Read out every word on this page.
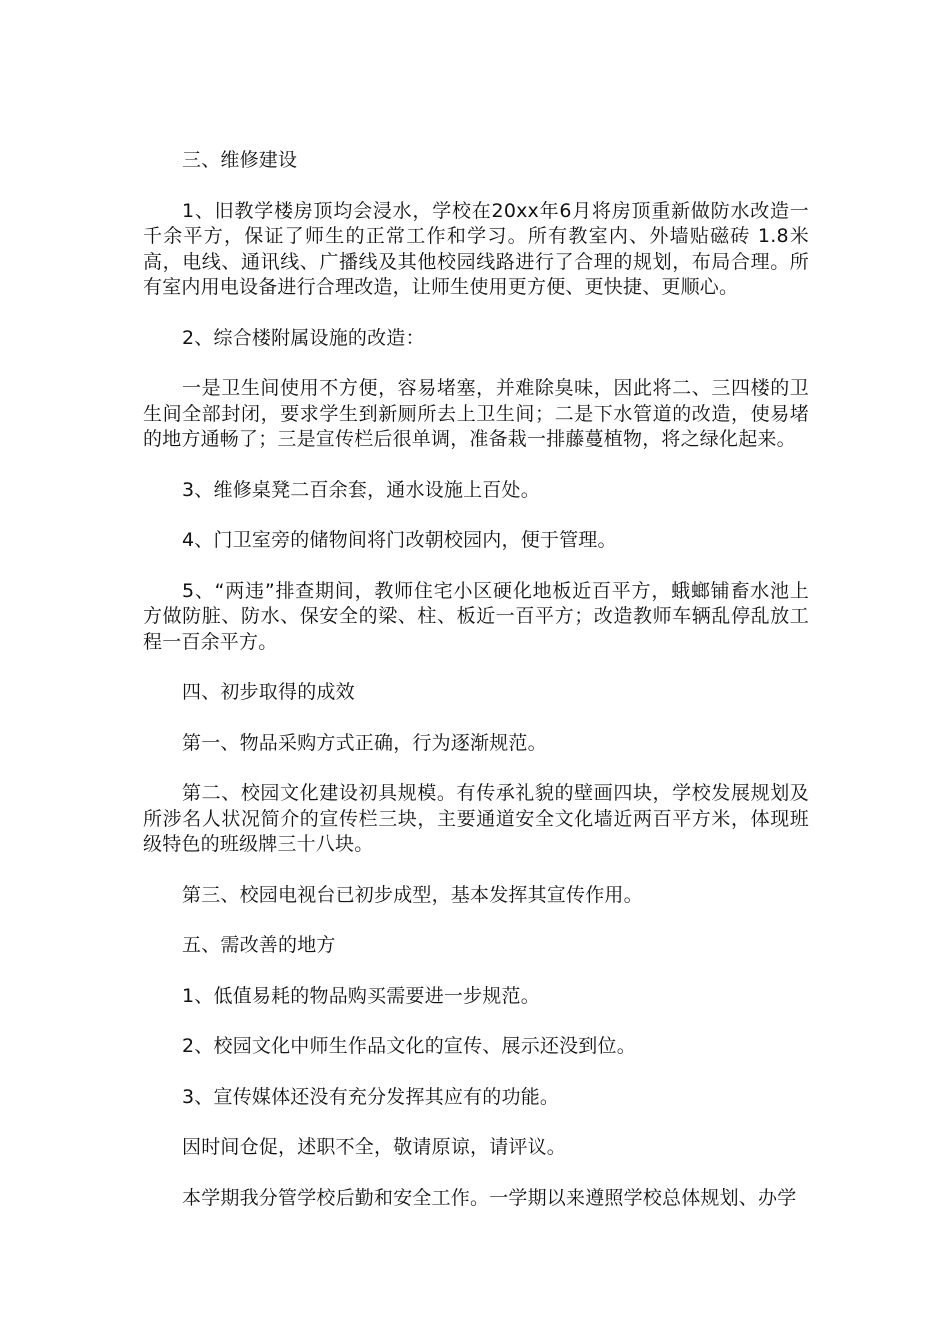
三、维修建设

1、旧教学楼房顶均会浸水，学校在20xx年6月将房顶重新做防水改造一千余平方，保证了师生的正常工作和学习。所有教室内、外墙贴磁砖 1.8米高，电线、通讯线、广播线及其他校园线路进行了合理的规划，布局合理。所有室内用电设备进行合理改造，让师生使用更方便、更快捷、更顺心。

2、综合楼附属设施的改造：

一是卫生间使用不方便，容易堵塞，并难除臭味，因此将二、三四楼的卫生间全部封闭，要求学生到新厕所去上卫生间；二是下水管道的改造，使易堵的地方通畅了；三是宣传栏后很单调，准备栽一排藤蔓植物，将之绿化起来。

3、维修桌凳二百余套，通水设施上百处。

4、门卫室旁的储物间将门改朝校园内，便于管理。

5、“两违”排查期间，教师住宅小区硬化地板近百平方，蛾螂铺畜水池上方做防脏、防水、保安全的梁、柱、板近一百平方；改造教师车辆乱停乱放工程一百余平方。

四、初步取得的成效

第一、物品采购方式正确，行为逐渐规范。

第二、校园文化建设初具规模。有传承礼貌的壁画四块，学校发展规划及所涉名人状况简介的宣传栏三块，主要通道安全文化墙近两百平方米，体现班级特色的班级牌三十八块。

第三、校园电视台已初步成型，基本发挥其宣传作用。

五、需改善的地方

1、低值易耗的物品购买需要进一步规范。

2、校园文化中师生作品文化的宣传、展示还没到位。

3、宣传媒体还没有充分发挥其应有的功能。

因时间仓促，述职不全，敬请原谅，请评议。

本学期我分管学校后勤和安全工作。一学期以来遵照学校总体规划、办学
